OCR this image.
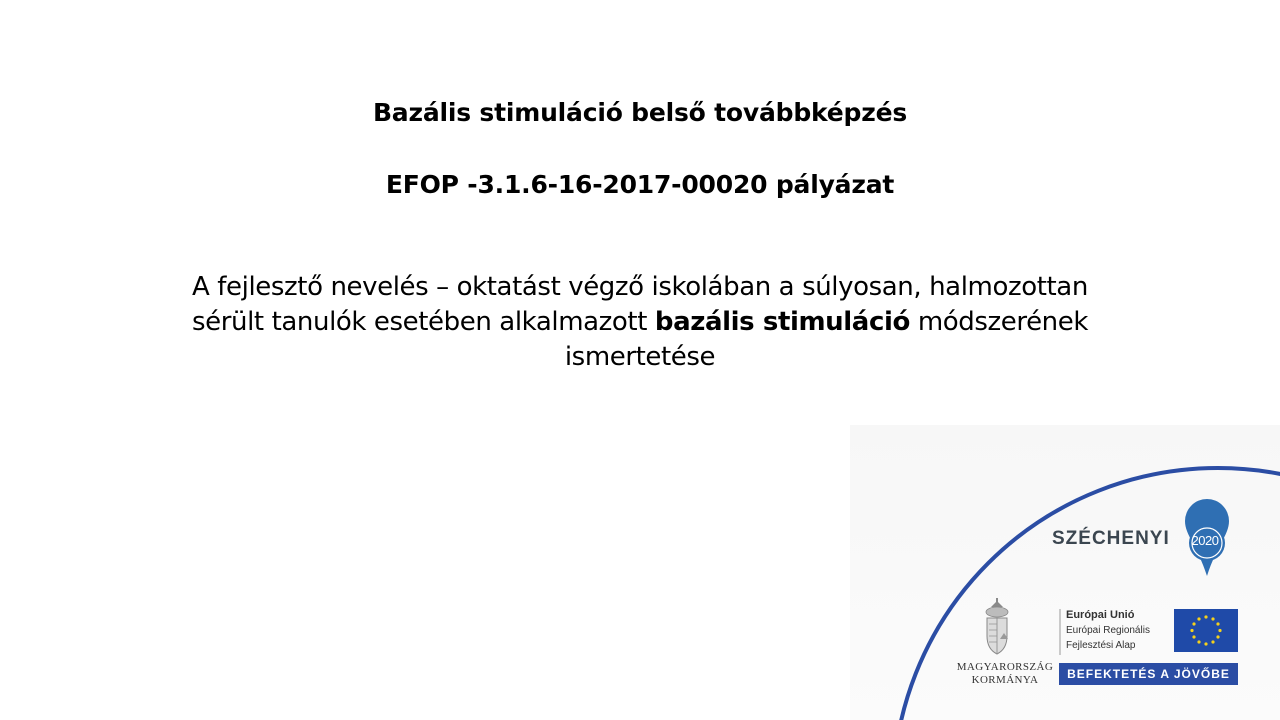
Bazális stimuláció belső továbbképzés
EFOP -3.1.6-16-2017-00020 pályázat
A fejlesztő nevelés – oktatást végző iskolában a súlyosan, halmozottan sérült tanulók esetében alkalmazott bazális stimuláció módszerének ismertetése
SZÉCHENYI	2020
MAGYARORSZÁG
KORMÁNYA
Európai Unió
Európai Regionális
Fejlesztési Alap
BEFEKTETÉS A JÖVŐBE
